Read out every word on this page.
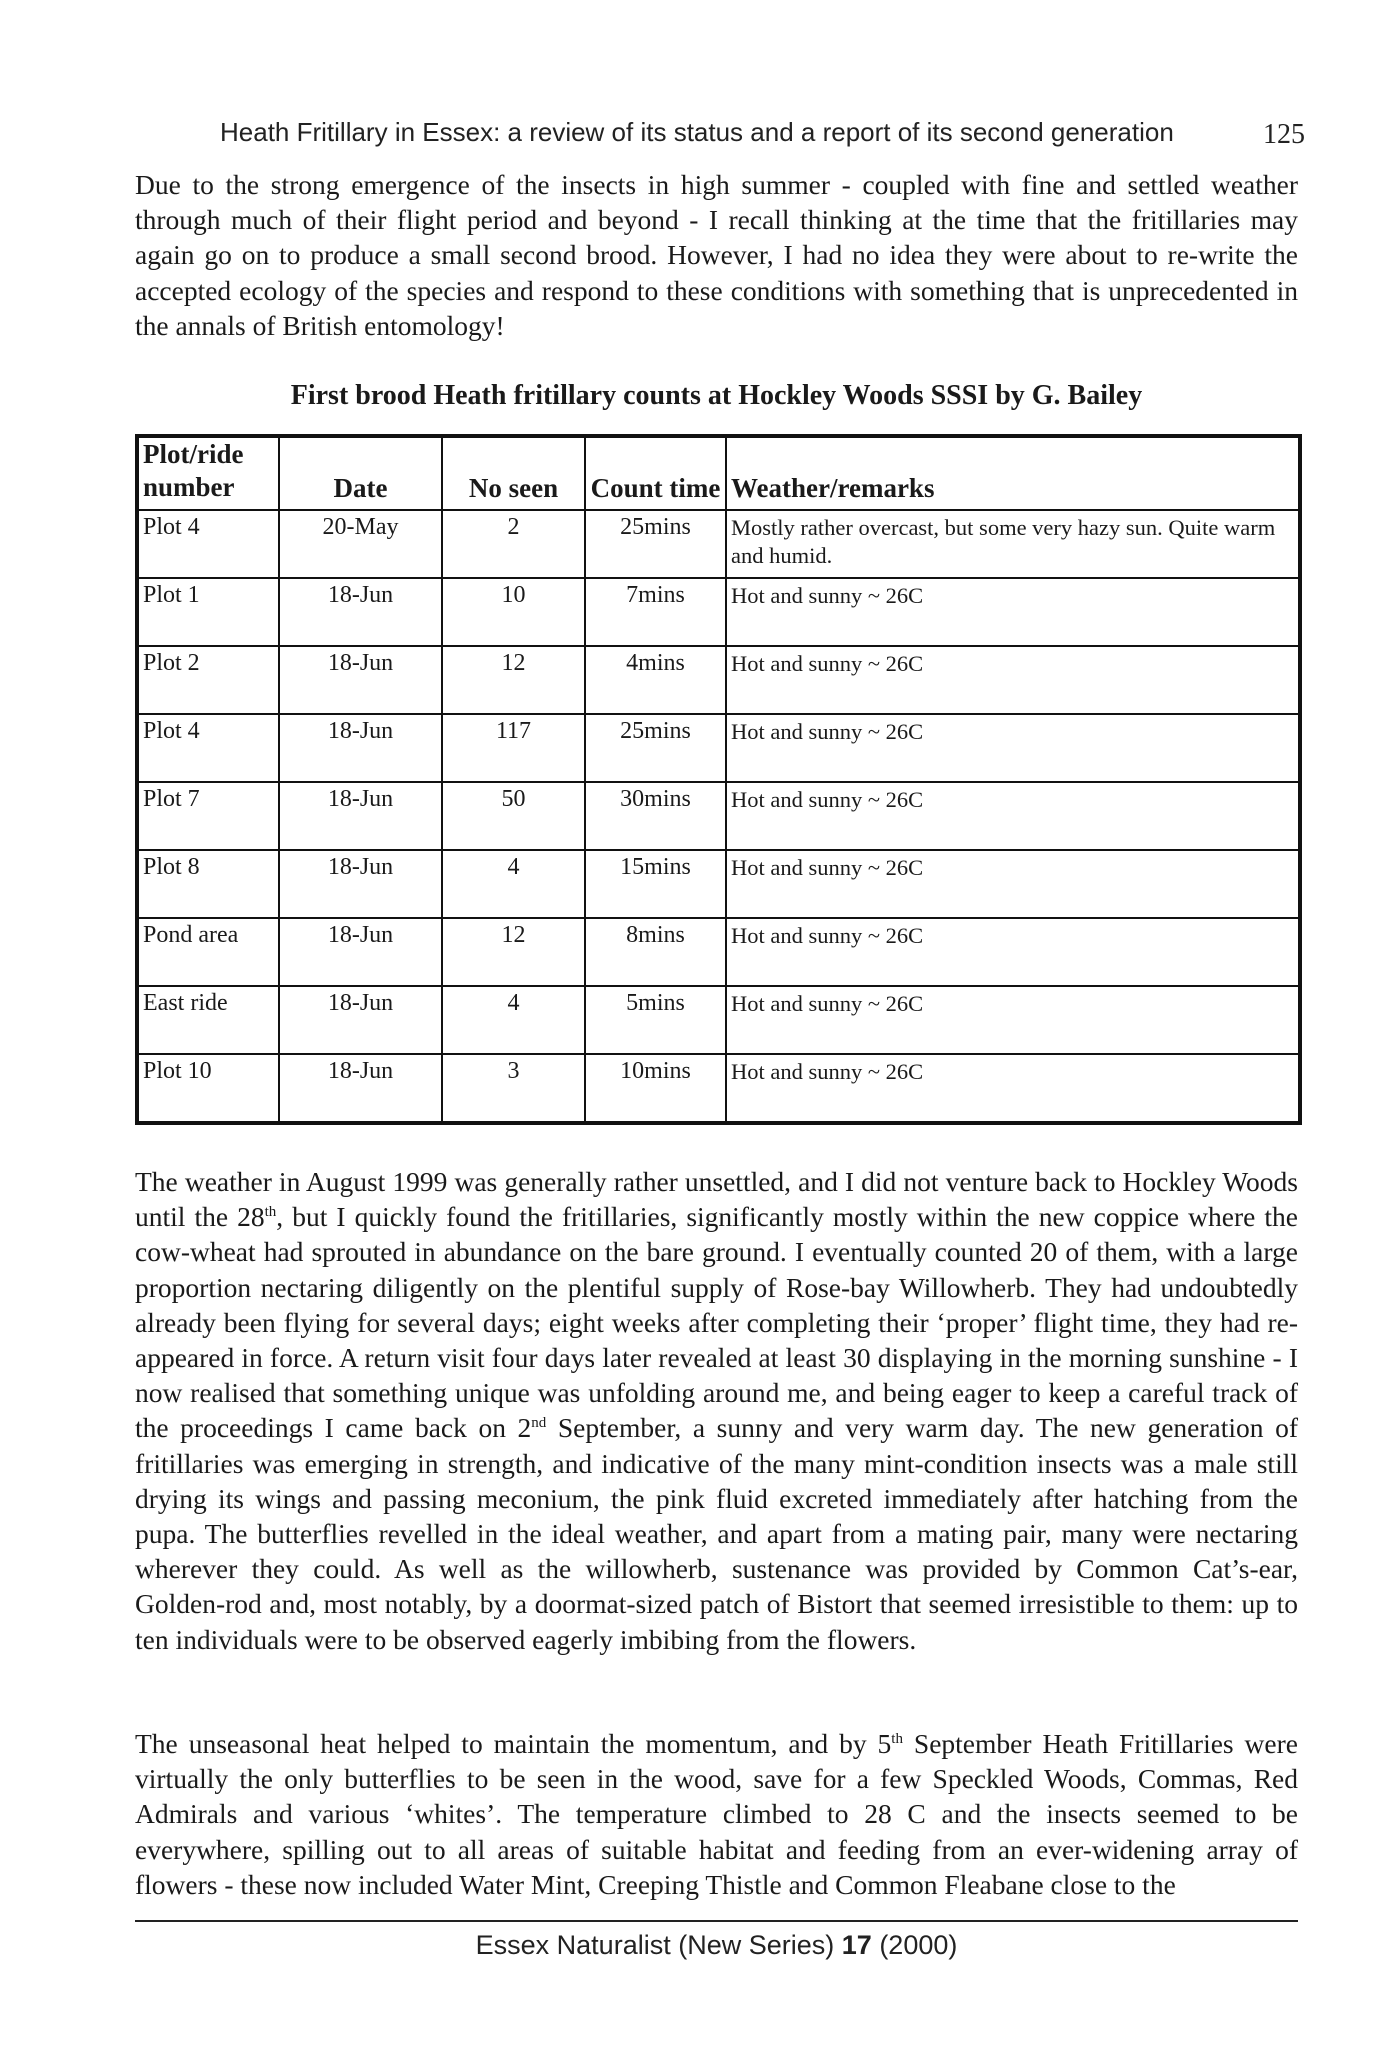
Heath Fritillary in Essex: a review of its status and a report of its second generation	125

Due to the strong emergence of the insects in high summer - coupled with fine and settled weather through much of their flight period and beyond - I recall thinking at the time that the fritillaries may again go on to produce a small second brood. However, I had no idea they were about to re-write the accepted ecology of the species and respond to these conditions with something that is unprecedented in the annals of British entomology!

First brood Heath fritillary counts at Hockley Woods SSSI by G. Bailey
Plot/ride number	Date	No seen	Count time	Weather/remarks
Plot 4	20-May	2	25mins	Mostly rather overcast, but some very hazy sun. Quite warm and humid.
Plot 1	18-Jun	10	7mins	Hot and sunny ~ 26C
Plot 2	18-Jun	12	4mins	Hot and sunny ~ 26C
Plot 4	18-Jun	117	25mins	Hot and sunny ~ 26C
Plot 7	18-Jun	50	30mins	Hot and sunny ~ 26C
Plot 8	18-Jun	4	15mins	Hot and sunny ~ 26C
Pond area	18-Jun	12	8mins	Hot and sunny ~ 26C
East ride	18-Jun	4	5mins	Hot and sunny ~ 26C
Plot 10	18-Jun	3	10mins	Hot and sunny ~ 26C

The weather in August 1999 was generally rather unsettled, and I did not venture back to Hockley Woods until the 28th, but I quickly found the fritillaries, significantly mostly within the new coppice where the cow-wheat had sprouted in abundance on the bare ground. I eventually counted 20 of them, with a large proportion nectaring diligently on the plentiful supply of Rose-bay Willowherb. They had undoubtedly already been flying for several days; eight weeks after completing their ‘proper’ flight time, they had re-appeared in force. A return visit four days later revealed at least 30 displaying in the morning sunshine - I now realised that something unique was unfolding around me, and being eager to keep a careful track of the proceedings I came back on 2nd September, a sunny and very warm day. The new generation of fritillaries was emerging in strength, and indicative of the many mint-condition insects was a male still drying its wings and passing meconium, the pink fluid excreted immediately after hatching from the pupa. The butterflies revelled in the ideal weather, and apart from a mating pair, many were nectaring wherever they could. As well as the willowherb, sustenance was provided by Common Cat’s-ear, Golden-rod and, most notably, by a doormat-sized patch of Bistort that seemed irresistible to them: up to ten individuals were to be observed eagerly imbibing from the flowers.

The unseasonal heat helped to maintain the momentum, and by 5th September Heath Fritillaries were virtually the only butterflies to be seen in the wood, save for a few Speckled Woods, Commas, Red Admirals and various ‘whites’. The temperature climbed to 28 C and the insects seemed to be everywhere, spilling out to all areas of suitable habitat and feeding from an ever-widening array of flowers - these now included Water Mint, Creeping Thistle and Common Fleabane close to the

Essex Naturalist (New Series) 17 (2000)
